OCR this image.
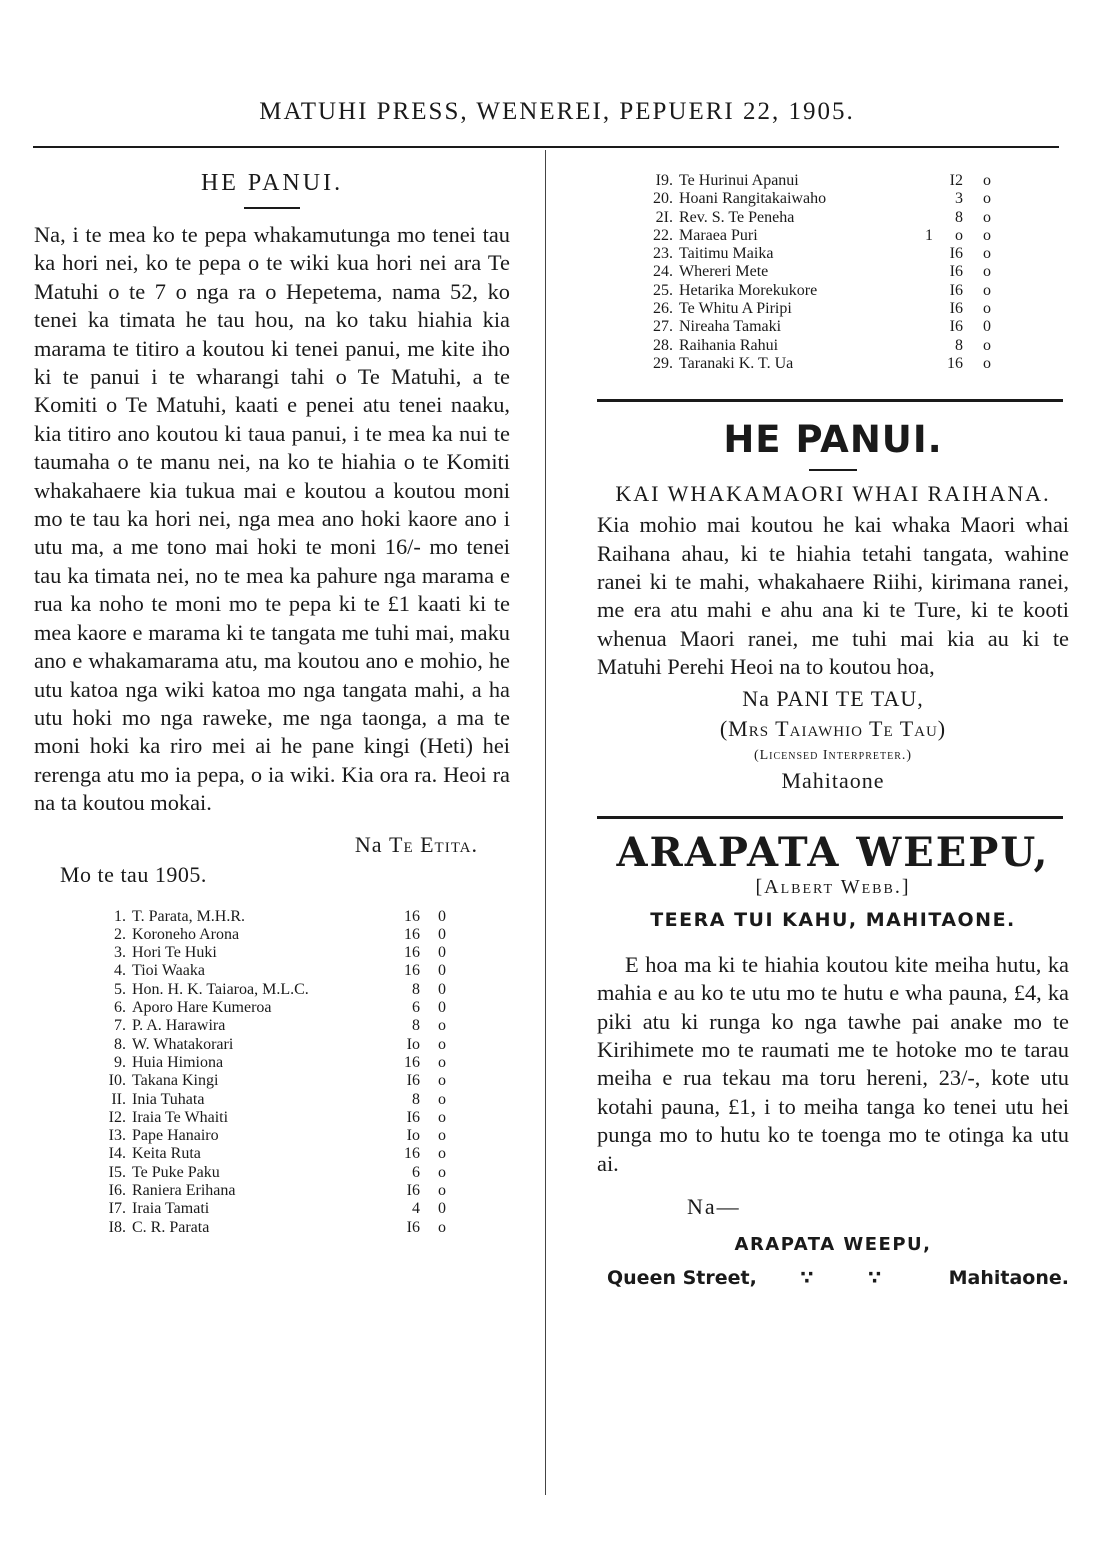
MATUHI PRESS, WENEREI, PEPUERI 22, 1905.
HE PANUI.

Na, i te mea ko te pepa whakamutunga mo tenei tau ka hori nei, ko te pepa o te wiki kua hori nei ara Te Matuhi o te 7 o nga ra o Hepetema, nama 52, ko tenei ka timata he tau hou, na ko taku hiahia kia marama te titiro a koutou ki tenei panui, me kite iho ki te panui i te wharangi tahi o Te Matuhi, a te Komiti o Te Matuhi, kaati e penei atu tenei naaku, kia titiro ano koutou ki taua panui, i te mea ka nui te taumaha o te manu nei, na ko te hiahia o te Komiti whakahaere kia tukua mai e koutou a koutou moni mo te tau ka hori nei, nga mea ano hoki kaore ano i utu ma, a me tono mai hoki te moni 16/- mo tenei tau ka timata nei, no te mea ka pahure nga marama e rua ka noho te moni mo te pepa ki te £1 kaati ki te mea kaore e marama ki te tangata me tuhi mai, maku ano e whakamarama atu, ma koutou ano e mohio, he utu katoa nga wiki katoa mo nga tangata mahi, a ha utu hoki mo nga raweke, me nga taonga, a ma te moni hoki ka riro mei ai he pane kingi (Heti) hei rerenga atu mo ia pepa, o ia wiki. Kia ora ra. Heoi ra na ta koutou mokai.

Na Te Etita.
Mo te tau 1905.
1.	T. Parata, M.H.R.	16	0
2.	Koroneho Arona	16	0
3.	Hori Te Huki	16	0
4.	Tioi Waaka	16	0
5.	Hon. H. K. Taiaroa, M.L.C.	8	0
6.	Aporo Hare Kumeroa	6	0
7.	P. A. Harawira	8	o
8.	W. Whatakorari	Io	o
9.	Huia Himiona	16	o
I0.	Takana Kingi	I6	o
II.	Inia Tuhata	8	o
I2.	Iraia Te Whaiti	I6	o
I3.	Pape Hanairo	Io	o
I4.	Keita Ruta	16	o
I5.	Te Puke Paku	6	o
I6.	Raniera Erihana	I6	o
I7.	Iraia Tamati	4	0
I8.	C. R. Parata	I6	o
I9.	Te Hurinui Apanui		I2	o
20.	Hoani Rangitakaiwaho		3	o
2I.	Rev. S. Te Peneha		8	o
22.	Maraea Puri	1	o	o
23.	Taitimu Maika		I6	o
24.	Whereri Mete		I6	o
25.	Hetarika Morekukore		I6	o
26.	Te Whitu A Piripi		I6	o
27.	Nireaha Tamaki		I6	0
28.	Raihania Rahui		8	o
29.	Taranaki K. T. Ua		16	o
HE PANUI.

KAI WHAKAMAORI WHAI RAIHANA.

Kia mohio mai koutou he kai whaka Maori whai Raihana ahau, ki te hiahia tetahi tangata, wahine ranei ki te mahi, whakahaere Riihi, kirimana ranei, me era atu mahi e ahu ana ki te Ture, ki te kooti whenua Maori ranei, me tuhi mai kia au ki te Matuhi Perehi Heoi na to koutou hoa,

Na PANI TE TAU,
(Mrs Taiawhio Te Tau)
(Licensed Interpreter.)
Mahitaone
ARAPATA WEEPU,
[Albert Webb.]
TEERA TUI KAHU, MAHITAONE.

E hoa ma ki te hiahia koutou kite meiha hutu, ka mahia e au ko te utu mo te hutu e wha pauna, £4, ka piki atu ki runga ko nga tawhe pai anake mo te Kirihimete mo te raumati me te hotoke mo te tarau meiha e rua tekau ma toru hereni, 23/-, kote utu kotahi pauna, £1, i to meiha tanga ko tenei utu hei punga mo to hutu ko te toenga mo te otinga ka utu ai.

Na—
ARAPATA WEEPU,
Queen Street, ∵ ∵ Mahitaone.
